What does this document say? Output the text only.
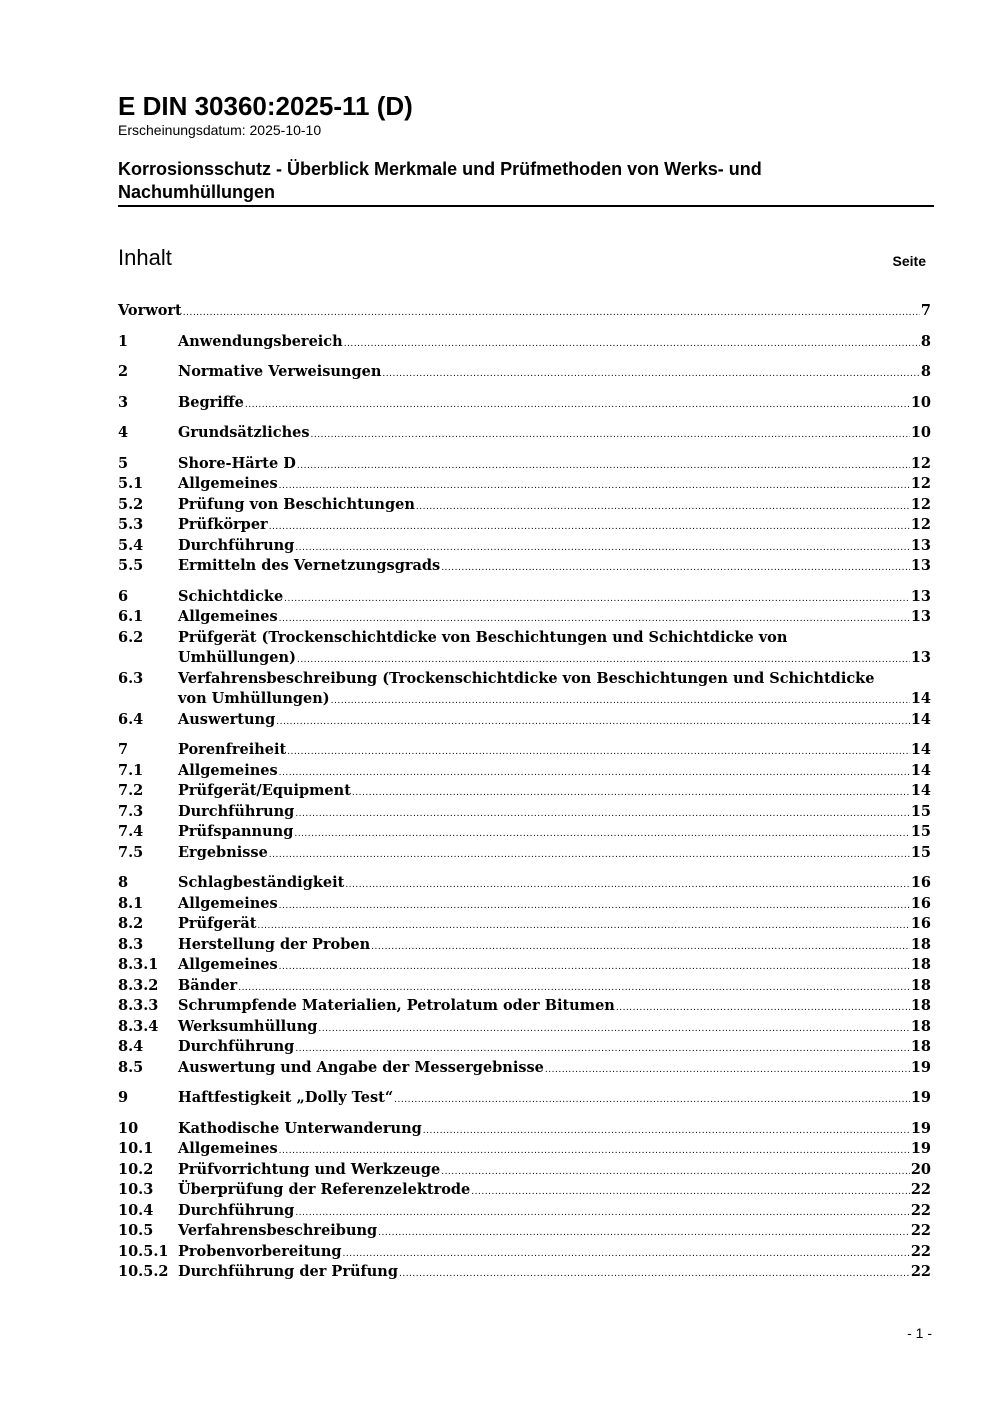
E DIN 30360:2025-11 (D)
Erscheinungsdatum: 2025-10-10
Korrosionsschutz - Überblick Merkmale und Prüfmethoden von Werks- und Nachumhüllungen
Inhalt	Seite
Vorwort .....	7
1	Anwendungsbereich .....	8
2	Normative Verweisungen .....	8
3	Begriffe .....	10
4	Grundsätzliches .....	10
5	Shore-Härte D .....	12
5.1 Allgemeines .....	12
5.2 Prüfung von Beschichtungen .....	12
5.3 Prüfkörper .....	12
5.4 Durchführung .....	13
5.5 Ermitteln des Vernetzungsgrads .....	13
6	Schichtdicke .....	13
6.1 Allgemeines .....	13
6.2 Prüfgerät (Trockenschichtdicke von Beschichtungen und Schichtdicke von
Umhüllungen) .....	13
6.3 Verfahrensbeschreibung (Trockenschichtdicke von Beschichtungen und Schichtdicke
von Umhüllungen) .....	14
6.4 Auswertung .....	14
7	Porenfreiheit .....	14
7.1 Allgemeines .....	14
7.2 Prüfgerät/Equipment .....	14
7.3 Durchführung .....	15
7.4 Prüfspannung .....	15
7.5 Ergebnisse .....	15
8	Schlagbeständigkeit .....	16
8.1 Allgemeines .....	16
8.2 Prüfgerät .....	16
8.3 Herstellung der Proben .....	18
8.3.1 Allgemeines .....	18
8.3.2 Bänder .....	18
8.3.3 Schrumpfende Materialien, Petrolatum oder Bitumen .....	18
8.3.4 Werksumhüllung .....	18
8.4 Durchführung .....	18
8.5 Auswertung und Angabe der Messergebnisse .....	19
9	Haftfestigkeit „Dolly Test“ .....	19
10	Kathodische Unterwanderung .....	19
10.1 Allgemeines .....	19
10.2 Prüfvorrichtung und Werkzeuge .....	20
10.3 Überprüfung der Referenzelektrode .....	22
10.4 Durchführung .....	22
10.5 Verfahrensbeschreibung .....	22
10.5.1 Probenvorbereitung .....	22
10.5.2 Durchführung der Prüfung .....	22
- 1 -
